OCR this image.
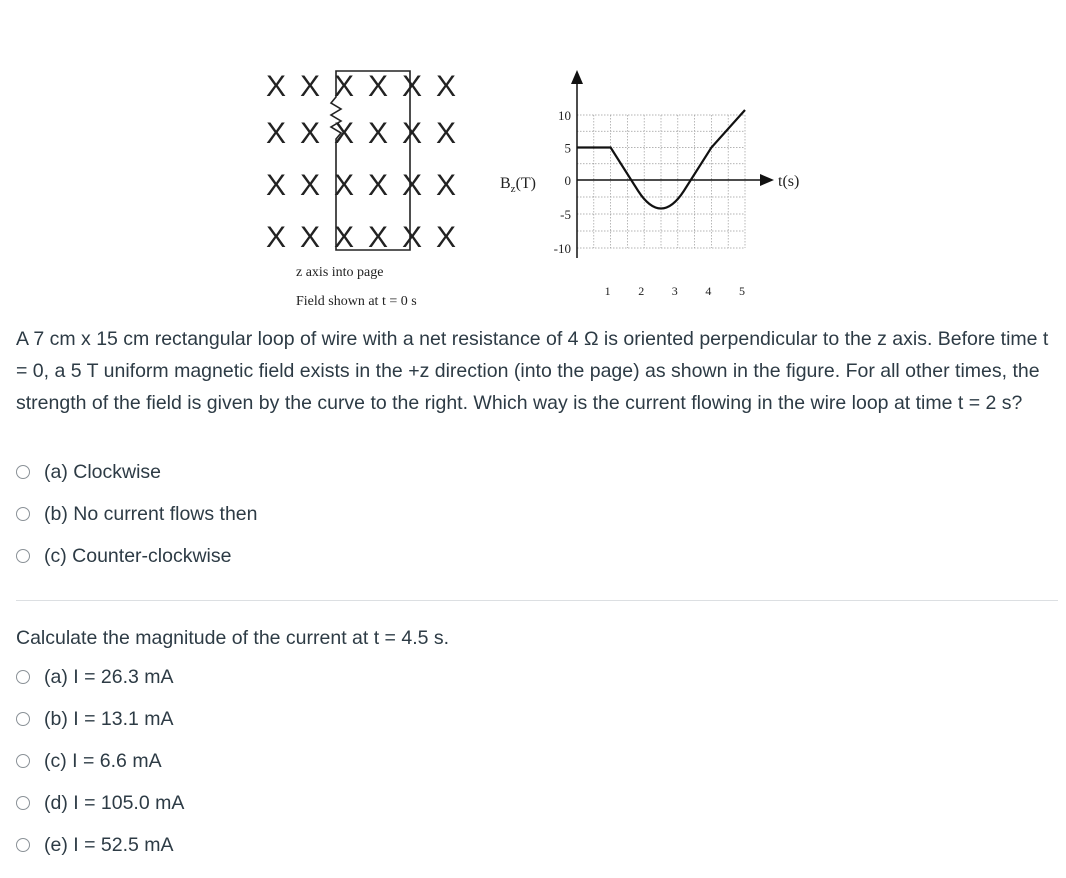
X X X X X X
X X X X X X
X X X X X X
X X X X X X
z axis into page
Field shown at t = 0 s
10
5
0
-5
-10
1 2 3 4 5
$B_z(T)$	t(s)

A 7 cm x 15 cm rectangular loop of wire with a net resistance of 4 Ω is oriented perpendicular to the z axis. Before time t = 0, a 5 T uniform magnetic field exists in the +z direction (into the page) as shown in the figure. For all other times, the strength of the field is given by the curve to the right. Which way is the current flowing in the wire loop at time t = 2 s?

(a) Clockwise
(b) No current flows then
(c) Counter-clockwise

Calculate the magnitude of the current at t = 4.5 s.

(a) I = 26.3 mA
(b) I = 13.1 mA
(c) I = 6.6 mA
(d) I = 105.0 mA
(e) I = 52.5 mA
